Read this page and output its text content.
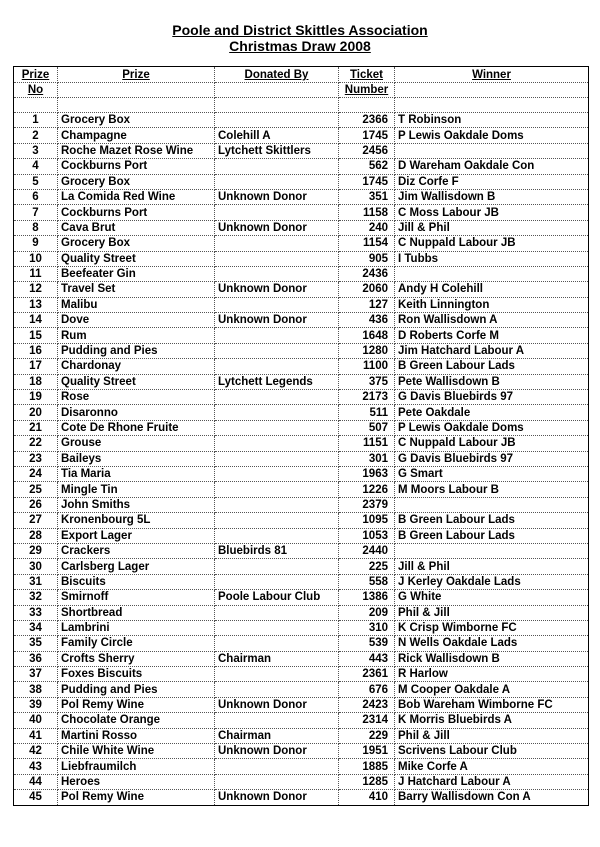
Poole and District Skittles Association
Christmas Draw 2008
Prize	Prize	Donated By	Ticket	Winner
No			Number	

1	Grocery Box		2366	T Robinson
2	Champagne	Colehill A	1745	P Lewis Oakdale Doms
3	Roche Mazet Rose Wine	Lytchett Skittlers	2456	
4	Cockburns Port		562	D Wareham Oakdale Con
5	Grocery Box		1745	Diz Corfe F
6	La Comida Red Wine	Unknown Donor	351	Jim Wallisdown B
7	Cockburns Port		1158	C Moss Labour JB
8	Cava Brut	Unknown Donor	240	Jill & Phil
9	Grocery Box		1154	C Nuppald Labour JB
10	Quality Street		905	I Tubbs
11	Beefeater Gin		2436	
12	Travel Set	Unknown Donor	2060	Andy H Colehill
13	Malibu		127	Keith Linnington
14	Dove	Unknown Donor	436	Ron Wallisdown A
15	Rum		1648	D Roberts Corfe M
16	Pudding and Pies		1280	Jim Hatchard Labour A
17	Chardonay		1100	B Green Labour Lads
18	Quality Street	Lytchett Legends	375	Pete Wallisdown B
19	Rose		2173	G Davis Bluebirds 97
20	Disaronno		511	Pete Oakdale
21	Cote De Rhone Fruite		507	P Lewis Oakdale Doms
22	Grouse		1151	C Nuppald Labour JB
23	Baileys		301	G Davis Bluebirds 97
24	Tia Maria		1963	G Smart
25	Mingle Tin		1226	M Moors Labour B
26	John Smiths		2379	
27	Kronenbourg 5L		1095	B Green Labour Lads
28	Export Lager		1053	B Green Labour Lads
29	Crackers	Bluebirds 81	2440	
30	Carlsberg Lager		225	Jill & Phil
31	Biscuits		558	J Kerley Oakdale Lads
32	Smirnoff	Poole Labour Club	1386	G White
33	Shortbread		209	Phil & Jill
34	Lambrini		310	K Crisp Wimborne FC
35	Family Circle		539	N Wells Oakdale Lads
36	Crofts Sherry	Chairman	443	Rick Wallisdown B
37	Foxes Biscuits		2361	R Harlow
38	Pudding and Pies		676	M Cooper Oakdale A
39	Pol Remy Wine	Unknown Donor	2423	Bob Wareham Wimborne FC
40	Chocolate Orange		2314	K Morris Bluebirds A
41	Martini Rosso	Chairman	229	Phil & Jill
42	Chile White Wine	Unknown Donor	1951	Scrivens Labour Club
43	Liebfraumilch		1885	Mike Corfe A
44	Heroes		1285	J Hatchard Labour A
45	Pol Remy Wine	Unknown Donor	410	Barry Wallisdown Con A
